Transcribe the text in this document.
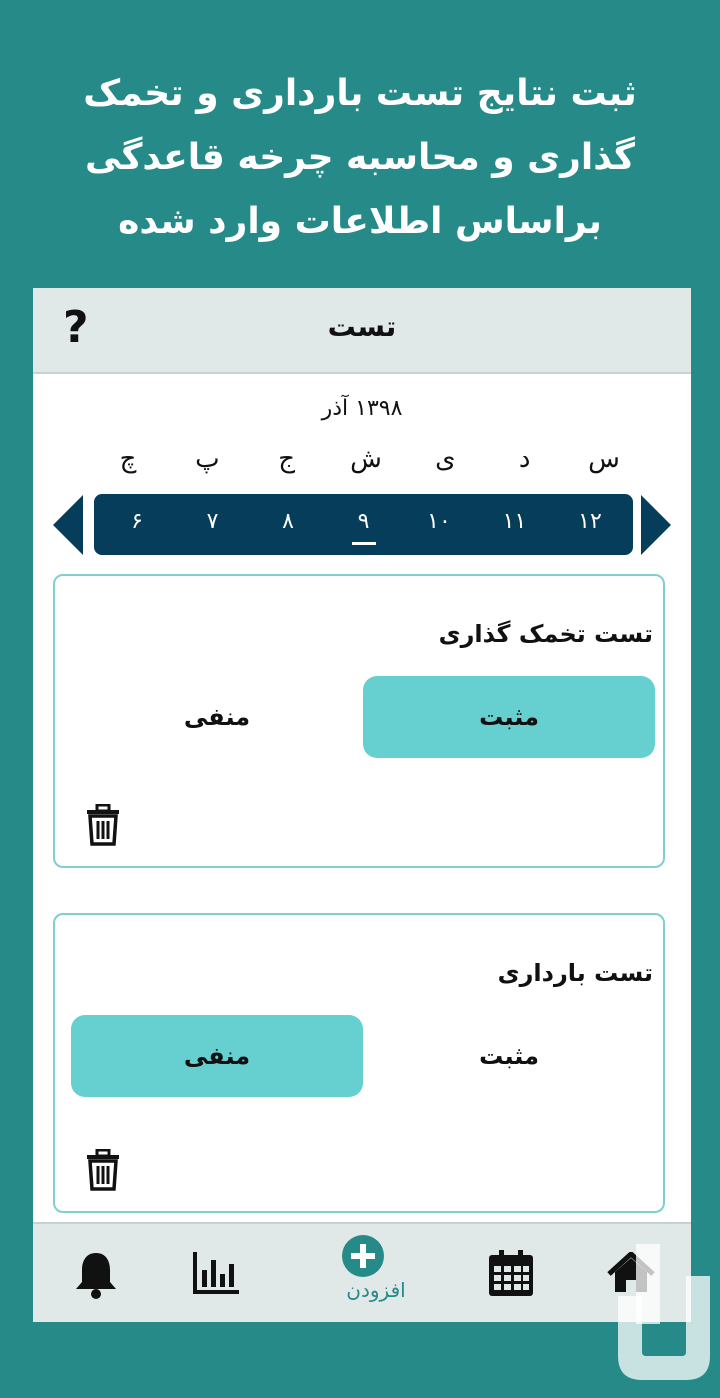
ثبت نتایج تست بارداری و تخمک
گذاری و محاسبه چرخه قاعدگی
براساس اطلاعات وارد شده
?	تست
۱۳۹۸ آذر
س
د
ی
ش
ج
پ
چ
۱۲
۱۱
۱۰
۹
۸
۷
۶
تست تخمک گذاری
مثبت
منفی
تست بارداری
مثبت
منفی
افزودن
